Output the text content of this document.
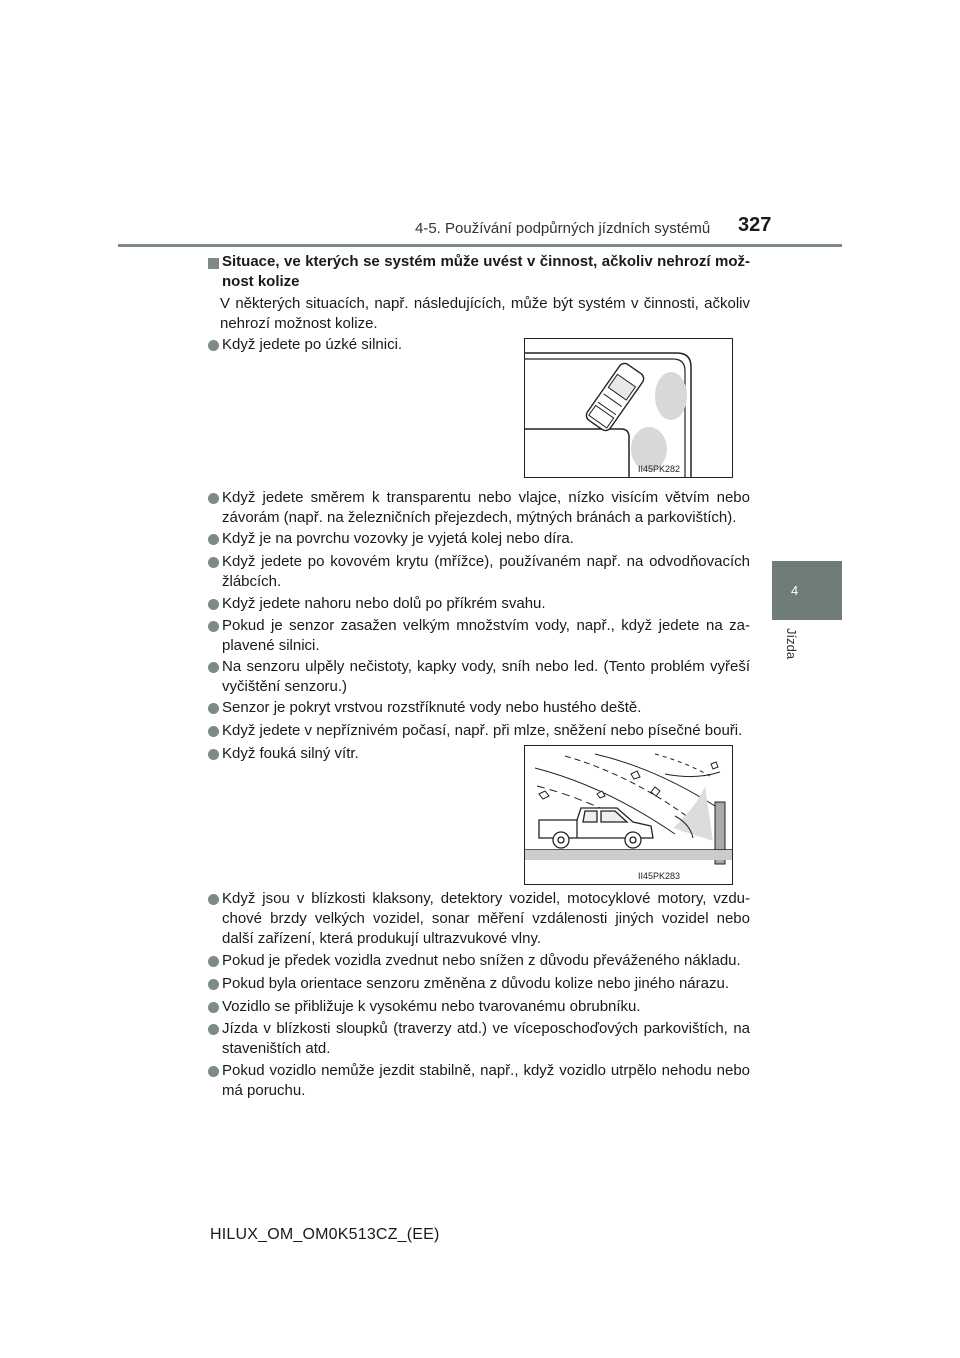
4-5. Používání podpůrných jízdních systémů 327
4
Jízda
Situace, ve kterých se systém může uvést v činnost, ačkoliv nehrozí mož-nost kolize
V některých situacích, např. následujících, může být systém v činnosti, ačkoliv nehrozí možnost kolize.
Když jedete po úzké silnici.
II45PK282
Když jedete směrem k transparentu nebo vlajce, nízko visícím větvím nebo závorám (např. na železničních přejezdech, mýtných bránách a parkovištích).
Když je na povrchu vozovky je vyjetá kolej nebo díra.
Když jedete po kovovém krytu (mřížce), používaném např. na odvodňovacích žlábcích.
Když jedete nahoru nebo dolů po příkrém svahu.
Pokud je senzor zasažen velkým množstvím vody, např., když jedete na za-plavené silnici.
Na senzoru ulpěly nečistoty, kapky vody, sníh nebo led. (Tento problém vyřeší vyčištění senzoru.)
Senzor je pokryt vrstvou rozstříknuté vody nebo hustého deště.
Když jedete v nepříznivém počasí, např. při mlze, sněžení nebo písečné bouři.
Když fouká silný vítr.
II45PK283
Když jsou v blízkosti klaksony, detektory vozidel, motocyklové motory, vzdu-chové brzdy velkých vozidel, sonar měření vzdálenosti jiných vozidel nebo další zařízení, která produkují ultrazvukové vlny.
Pokud je předek vozidla zvednut nebo snížen z důvodu převáženého nákladu.
Pokud byla orientace senzoru změněna z důvodu kolize nebo jiného nárazu.
Vozidlo se přibližuje k vysokému nebo tvarovanému obrubníku.
Jízda v blízkosti sloupků (traverzy atd.) ve víceposchoďových parkovištích, na staveništích atd.
Pokud vozidlo nemůže jezdit stabilně, např., když vozidlo utrpělo nehodu nebo má poruchu.
HILUX_OM_OM0K513CZ_(EE)
